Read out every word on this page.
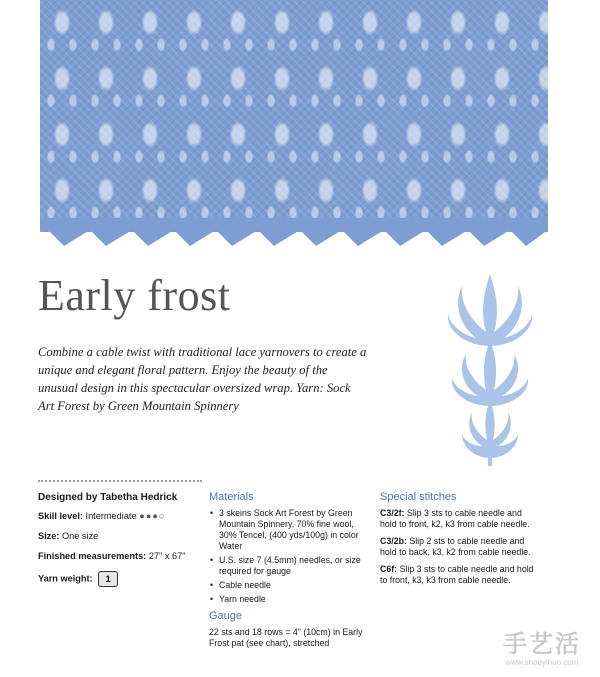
Early frost
Combine a cable twist with traditional lace yarnovers to create a unique and elegant floral pattern. Enjoy the beauty of the unusual design in this spectacular oversized wrap. Yarn: Sock Art Forest by Green Mountain Spinnery
Designed by Tabetha Hedrick
Skill level: Intermediate ●●●○
Size: One size
Finished measurements: 27" x 67"
Yarn weight: 1
Materials
• 3 skeins Sock Art Forest by Green Mountain Spinnery, 70% fine wool, 30% Tencel, (400 yds/100g) in color Water
• U.S. size 7 (4.5mm) needles, or size required for gauge
• Cable needle
• Yarn needle
Gauge
22 sts and 18 rows = 4" (10cm) in Early Frost pat (see chart), stretched
Special stitches
C3/2f: Slip 3 sts to cable needle and hold to front, k2, k3 from cable needle.
C3/2b: Slip 2 sts to cable needle and hold to back, k3, k2 from cable needle.
C6f: Slip 3 sts to cable needle and hold to front, k3, k3 from cable needle.
手艺活
www.shouyihuo.com
